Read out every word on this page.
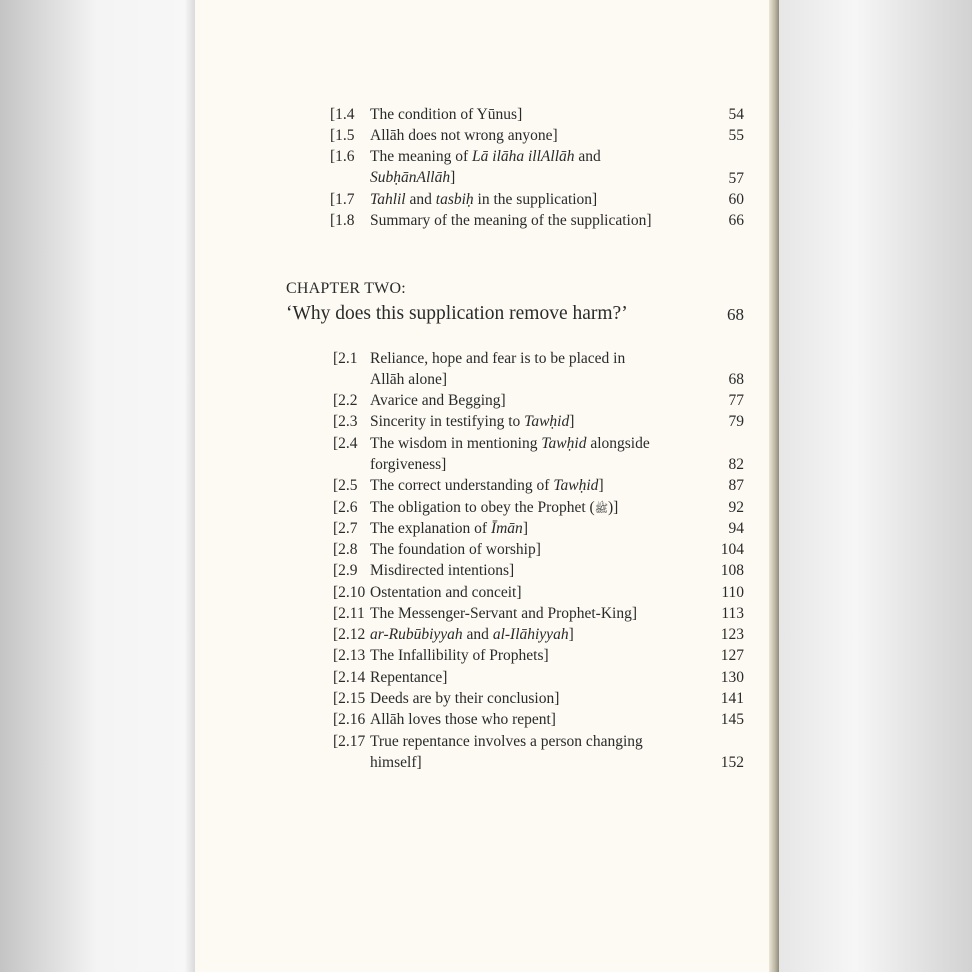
[1.4 The condition of Yūnus]	54
[1.5 Allāh does not wrong anyone]	55
[1.6 The meaning of Lā ilāha illAllāh and
SubḥānAllāh]	57
[1.7 Tahlil and tasbiḥ in the supplication]	60
[1.8 Summary of the meaning of the supplication]	66
CHAPTER TWO:
‘Why does this supplication remove harm?’	68
[2.1 Reliance, hope and fear is to be placed in
Allāh alone]	68
[2.2 Avarice and Begging]	77
[2.3 Sincerity in testifying to Tawḥid]	79
[2.4 The wisdom in mentioning Tawḥid alongside
forgiveness]	82
[2.5 The correct understanding of Tawḥid]	87
[2.6 The obligation to obey the Prophet (ﷺ)]	92
[2.7 The explanation of Īmān]	94
[2.8 The foundation of worship]	104
[2.9 Misdirected intentions]	108
[2.10 Ostentation and conceit]	110
[2.11 The Messenger-Servant and Prophet-King]	113
[2.12 ar-Rubūbiyyah and al-Ilāhiyyah]	123
[2.13 The Infallibility of Prophets]	127
[2.14 Repentance]	130
[2.15 Deeds are by their conclusion]	141
[2.16 Allāh loves those who repent]	145
[2.17 True repentance involves a person changing
himself]	152
